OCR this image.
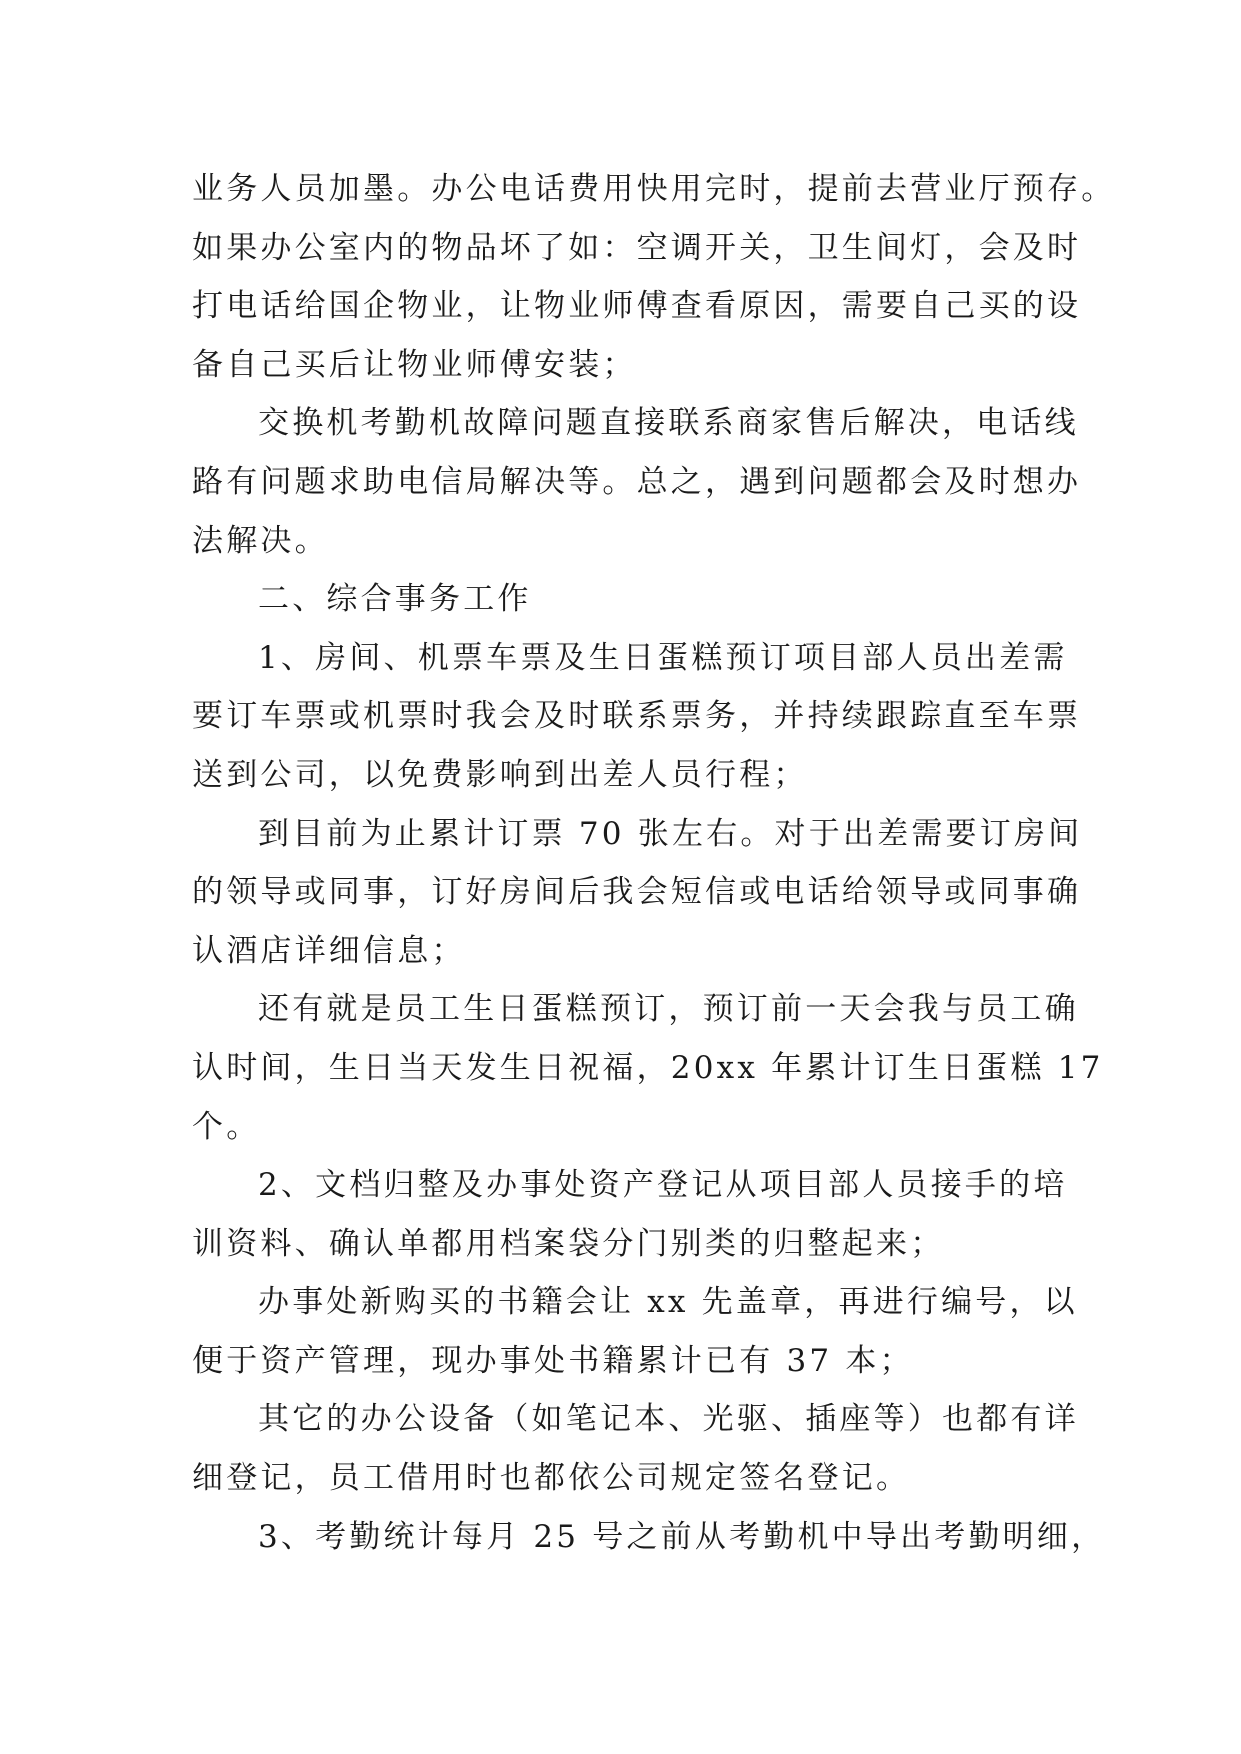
业务人员加墨。办公电话费用快用完时，提前去营业厅预存。
如果办公室内的物品坏了如：空调开关，卫生间灯，会及时
打电话给国企物业，让物业师傅查看原因，需要自己买的设
备自己买后让物业师傅安装；
交换机考勤机故障问题直接联系商家售后解决，电话线
路有问题求助电信局解决等。总之，遇到问题都会及时想办
法解决。
二、综合事务工作
1、房间、机票车票及生日蛋糕预订项目部人员出差需
要订车票或机票时我会及时联系票务，并持续跟踪直至车票
送到公司，以免费影响到出差人员行程；
到目前为止累计订票 70 张左右。对于出差需要订房间
的领导或同事，订好房间后我会短信或电话给领导或同事确
认酒店详细信息；
还有就是员工生日蛋糕预订，预订前一天会我与员工确
认时间，生日当天发生日祝福，20xx 年累计订生日蛋糕 17
个。
2、文档归整及办事处资产登记从项目部人员接手的培
训资料、确认单都用档案袋分门别类的归整起来；
办事处新购买的书籍会让 xx 先盖章，再进行编号，以
便于资产管理，现办事处书籍累计已有 37 本；
其它的办公设备（如笔记本、光驱、插座等）也都有详
细登记，员工借用时也都依公司规定签名登记。
3、考勤统计每月 25 号之前从考勤机中导出考勤明细，
